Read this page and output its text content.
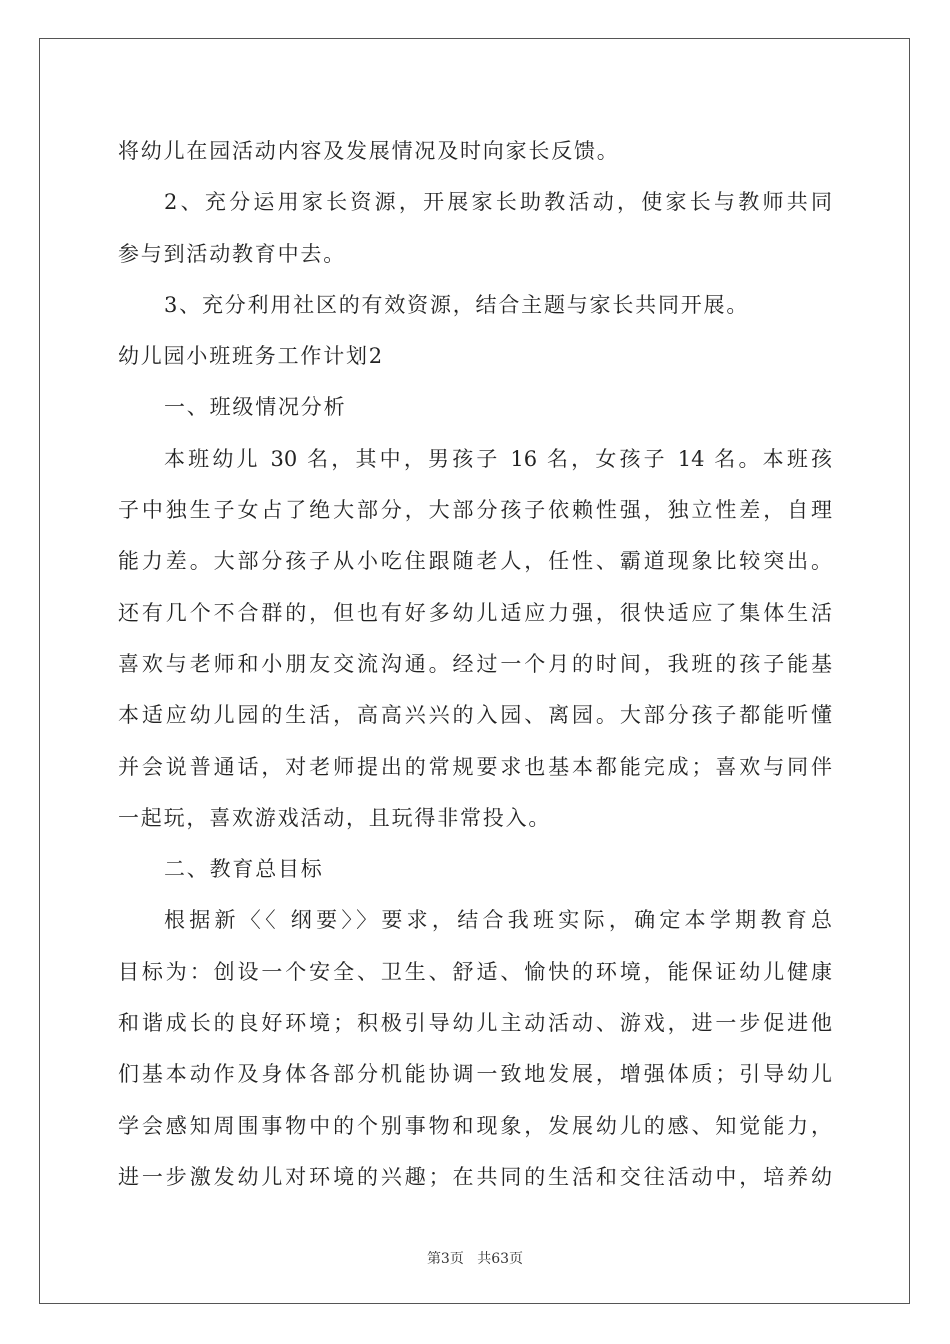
将幼儿在园活动内容及发展情况及时向家长反馈。
2、充分运用家长资源，开展家长助教活动，使家长与教师共同
参与到活动教育中去。
3、充分利用社区的有效资源，结合主题与家长共同开展。
幼儿园小班班务工作计划2
一、班级情况分析
本班幼儿 30 名，其中，男孩子 16 名，女孩子 14 名。本班孩
子中独生子女占了绝大部分，大部分孩子依赖性强，独立性差，自理
能力差。大部分孩子从小吃住跟随老人，任性、霸道现象比较突出。
还有几个不合群的，但也有好多幼儿适应力强，很快适应了集体生活
喜欢与老师和小朋友交流沟通。经过一个月的时间，我班的孩子能基
本适应幼儿园的生活，高高兴兴的入园、离园。大部分孩子都能听懂
并会说普通话，对老师提出的常规要求也基本都能完成；喜欢与同伴
一起玩，喜欢游戏活动，且玩得非常投入。
二、教育总目标
根据新〈〈 纲要〉〉要求，结合我班实际，确定本学期教育总
目标为：创设一个安全、卫生、舒适、愉快的环境，能保证幼儿健康
和谐成长的良好环境；积极引导幼儿主动活动、游戏，进一步促进他
们基本动作及身体各部分机能协调一致地发展，增强体质；引导幼儿
学会感知周围事物中的个别事物和现象，发展幼儿的感、知觉能力，
进一步激发幼儿对环境的兴趣；在共同的生活和交往活动中，培养幼
第3页 共63页
